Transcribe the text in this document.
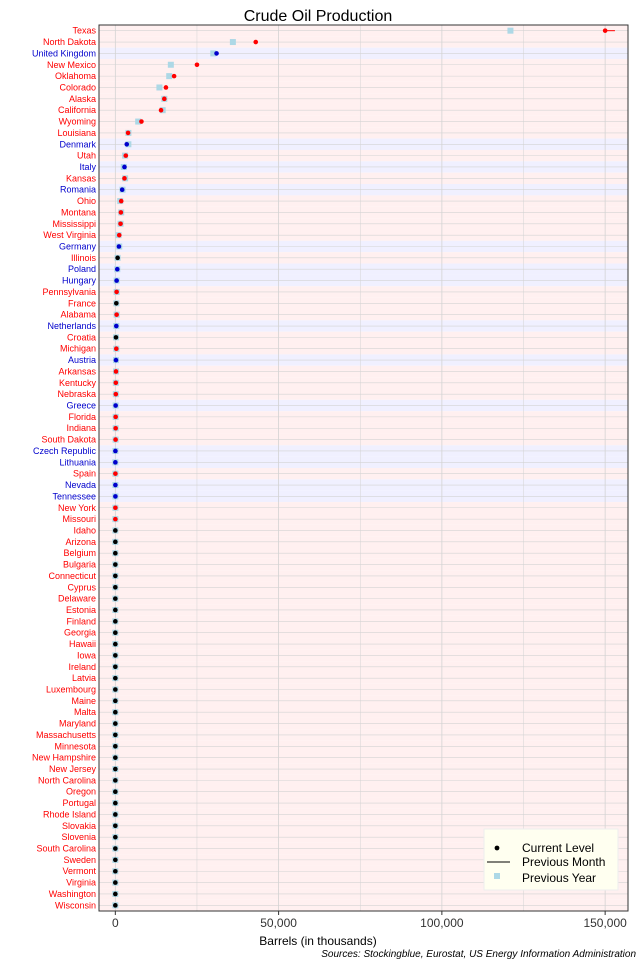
Crude Oil Production
Texas
North Dakota
United Kingdom
New Mexico
Oklahoma
Colorado
Alaska
California
Wyoming
Louisiana
Denmark
Utah
Italy
Kansas
Romania
Ohio
Montana
Mississippi
West Virginia
Germany
Illinois
Poland
Hungary
Pennsylvania
France
Alabama
Netherlands
Croatia
Michigan
Austria
Arkansas
Kentucky
Nebraska
Greece
Florida
Indiana
South Dakota
Czech Republic
Lithuania
Spain
Nevada
Tennessee
New York
Missouri
Idaho
Arizona
Belgium
Bulgaria
Connecticut
Cyprus
Delaware
Estonia
Finland
Georgia
Hawaii
Iowa
Ireland
Latvia
Luxembourg
Maine
Malta
Maryland
Massachusetts
Minnesota
New Hampshire
New Jersey
North Carolina
Oregon
Portugal
Rhode Island
Slovakia
Slovenia
South Carolina
Sweden
Vermont
Virginia
Washington
Wisconsin
0	50,000	100,000	150,000
Barrels (in thousands)
Sources: Stockingblue, Eurostat, US Energy Information Administration
Current Level
Previous Month
Previous Year
